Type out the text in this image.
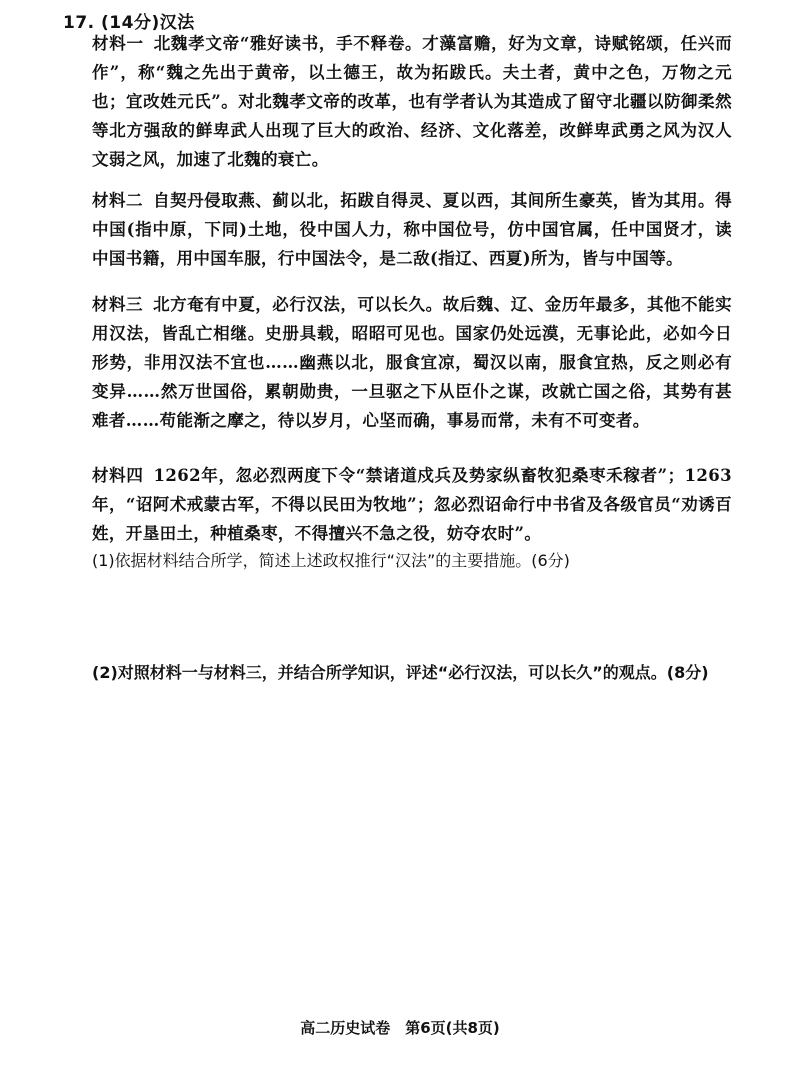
17. (14分)汉法
材料一 北魏孝文帝“雅好读书，手不释卷。才藻富赡，好为文章，诗赋铭颂，任兴而作”，称“魏之先出于黄帝，以土德王，故为拓跋氏。夫土者，黄中之色，万物之元也；宜改姓元氏”。对北魏孝文帝的改革，也有学者认为其造成了留守北疆以防御柔然等北方强敌的鲜卑武人出现了巨大的政治、经济、文化落差，改鲜卑武勇之风为汉人文弱之风，加速了北魏的衰亡。
材料二 自契丹侵取燕、蓟以北，拓跋自得灵、夏以西，其间所生豪英，皆为其用。得中国(指中原，下同)土地，役中国人力，称中国位号，仿中国官属，任中国贤才，读中国书籍，用中国车服，行中国法令，是二敌(指辽、西夏)所为，皆与中国等。
材料三 北方奄有中夏，必行汉法，可以长久。故后魏、辽、金历年最多，其他不能实用汉法，皆乱亡相继。史册具载，昭昭可见也。国家仍处远漠，无事论此，必如今日形势，非用汉法不宜也……幽燕以北，服食宜凉，蜀汉以南，服食宜热，反之则必有变异……然万世国俗，累朝勋贵，一旦驱之下从臣仆之谋，改就亡国之俗，其势有甚难者……苟能渐之摩之，待以岁月，心坚而确，事易而常，未有不可变者。
材料四 1262年，忽必烈两度下令“禁诸道戍兵及势家纵畜牧犯桑枣禾稼者”；1263年，“诏阿术戒蒙古军，不得以民田为牧地”；忽必烈诏命行中书省及各级官员“劝诱百姓，开垦田土，种植桑枣，不得擅兴不急之役，妨夺农时”。
(1)依据材料结合所学，简述上述政权推行“汉法”的主要措施。(6分)
(2)对照材料一与材料三，并结合所学知识，评述“必行汉法，可以长久”的观点。(8分)
高二历史试卷　第6页(共8页)
